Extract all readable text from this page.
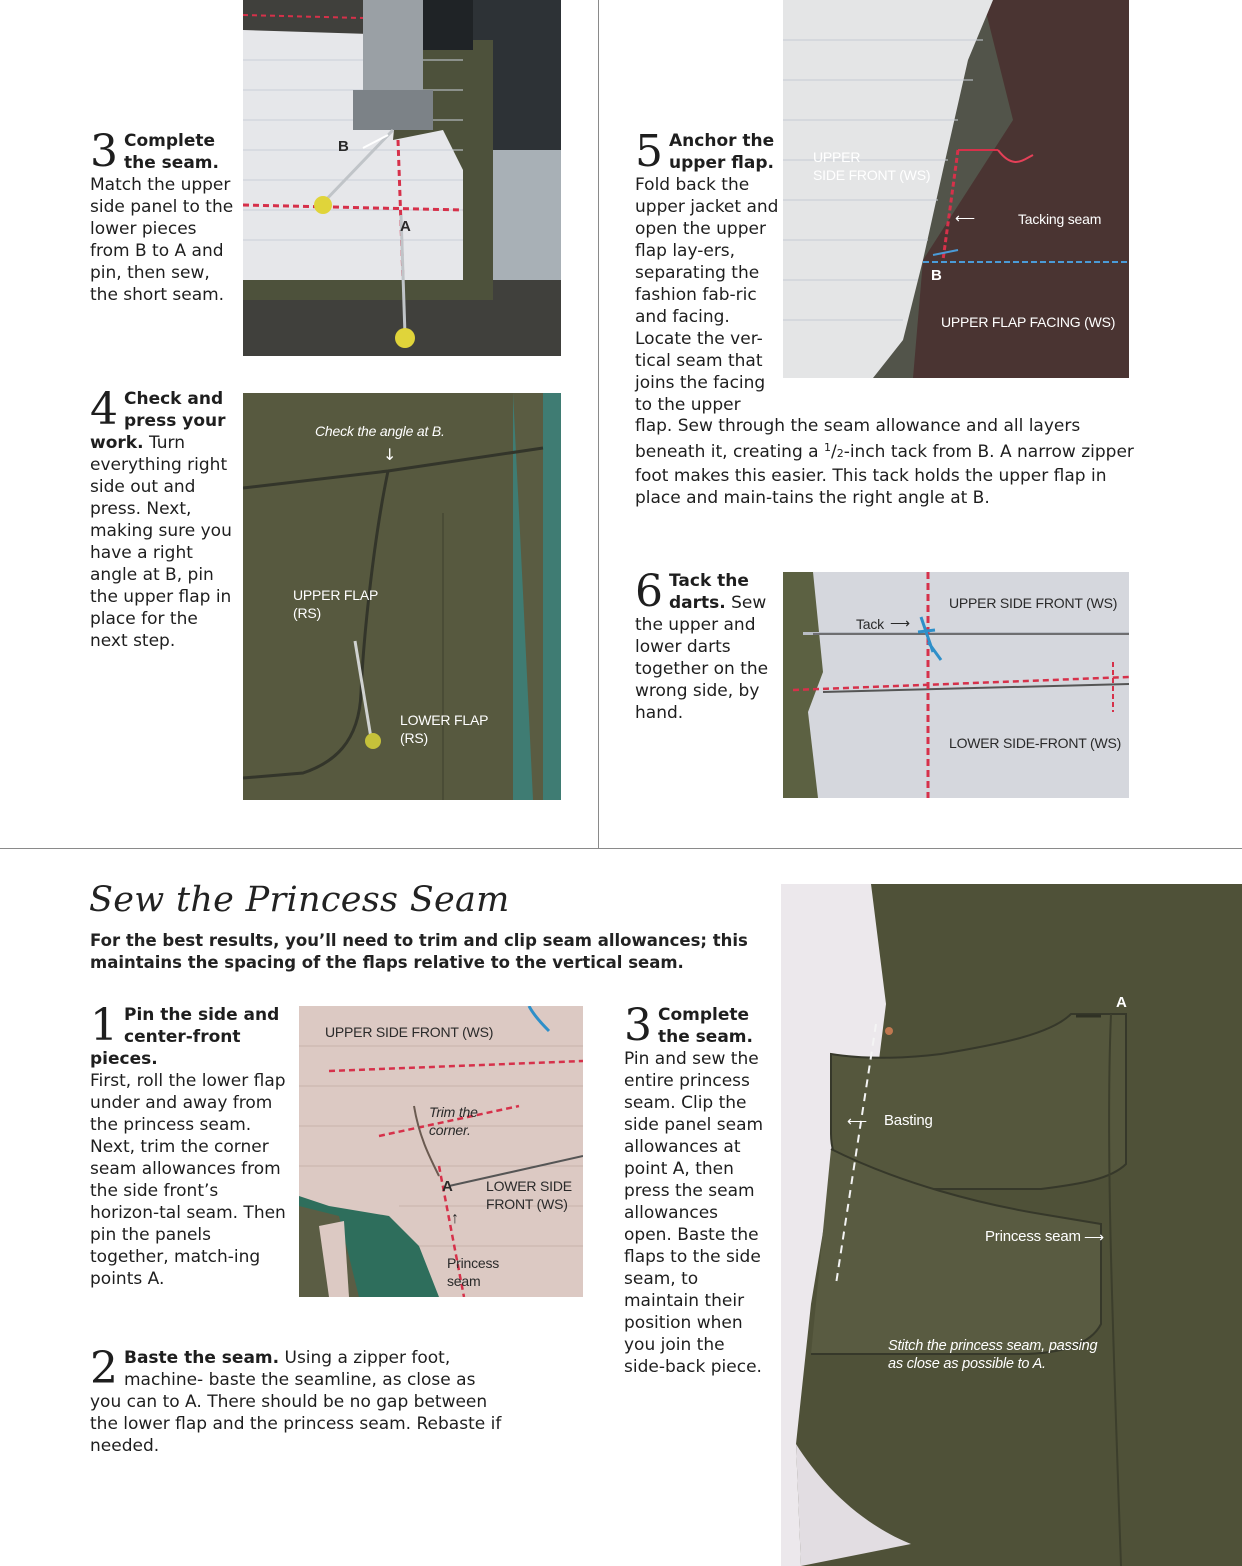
3 Complete
the seam.
Match the upper side panel to the lower pieces from B to A and pin, then sew, the short seam.
B
A
4 Check and
press your
work. Turn everything right side out and press. Next, making sure you have a right angle at B, pin the upper flap in place for the next step.
Check the angle at B.
↓
UPPER FLAP
(RS)
LOWER FLAP
(RS)
5 Anchor the
upper flap.
Fold back the upper jacket and open the upper flap lay-ers, separating the fashion fab-ric and facing. Locate the ver-tical seam that joins the facing to the upper
flap. Sew through the seam allowance and all layers beneath it, creating a $^1$/2-inch tack from B. A narrow zipper foot makes this easier. This tack holds the upper flap in place and main-tains the right angle at B.
UPPER
SIDE FRONT (WS)
⟵	Tacking seam
B
UPPER FLAP FACING (WS)
6 Tack the
darts. Sew the upper and lower darts together on the wrong side, by hand.
Tack ⟶
UPPER SIDE FRONT (WS)
LOWER SIDE-FRONT (WS)
Sew the Princess Seam
For the best results, you’ll need to trim and clip seam allowances; this maintains the spacing of the flaps relative to the vertical seam.
1 Pin the side and
center-front pieces.
First, roll the lower flap under and away from the princess seam. Next, trim the corner seam allowances from the side front’s horizon-tal seam. Then pin the panels together, match-ing points A.
UPPER SIDE FRONT (WS)
Trim the
corner.
A LOWER SIDE
FRONT (WS)
↑
Princess
seam
2 Baste the seam. Using a zipper foot, machine- baste the seamline, as close as you can to A. There should be no gap between the lower flap and the princess seam. Rebaste if needed.
3 Complete
the seam.
Pin and sew the entire princess seam. Clip the side panel seam allowances at point A, then press the seam allowances open. Baste the flaps to the side seam, to maintain their position when you join the side-back piece.
A
⟵ Basting
Princess seam ⟶
Stitch the princess seam, passing
as close as possible to A.
